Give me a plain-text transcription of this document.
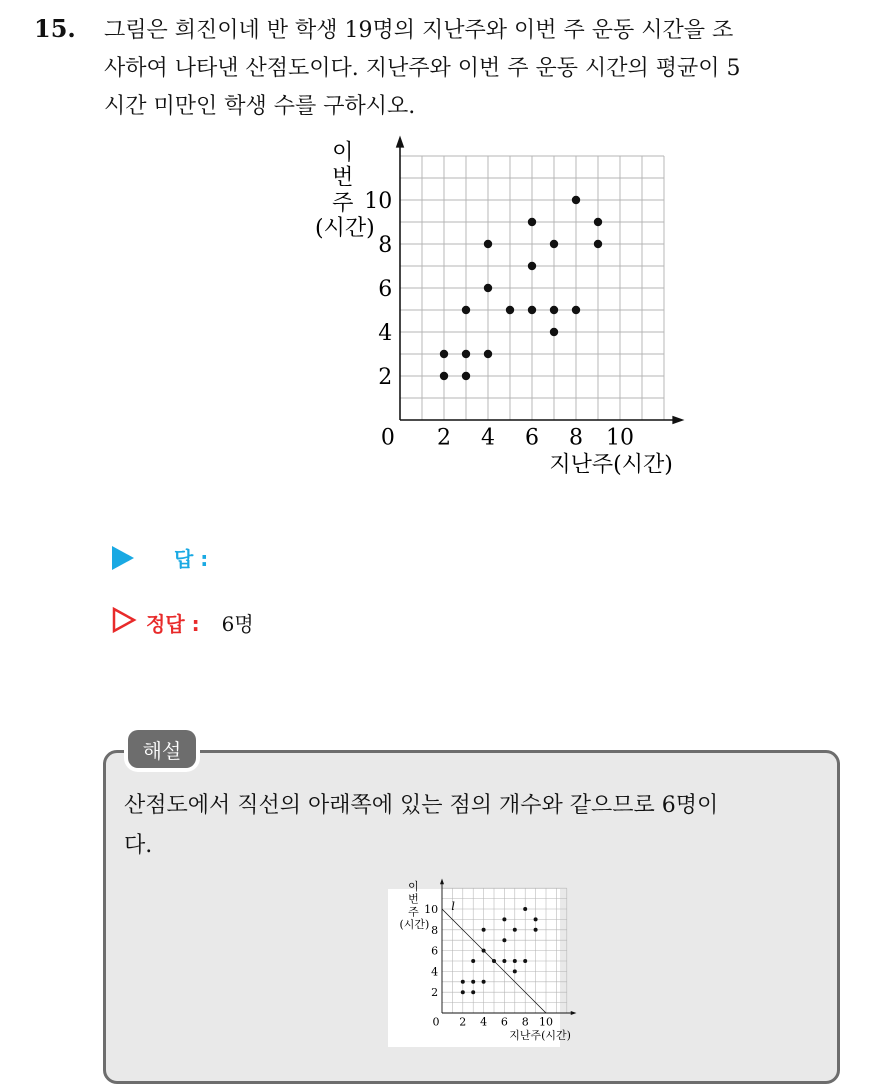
15. 그림은 희진이네 반 학생 19명의 지난주와 이번 주 운동 시간을 조
사하여 나타낸 산점도이다. 지난주와 이번 주 운동 시간의 평균이 5
시간 미만인 학생 수를 구하시오.
2 4 6 8 10
2
4
6
8
10
0
지난주(시간)
이
번
주
(시간)
답 :
정답 : 6명
해설
산점도에서 직선의 아래쪽에 있는 점의 개수와 같으므로 6명이
다.
2 4 6 8 10
2
4
6
8
10
0
지난주(시간)
이
번
주
(시간)
l
